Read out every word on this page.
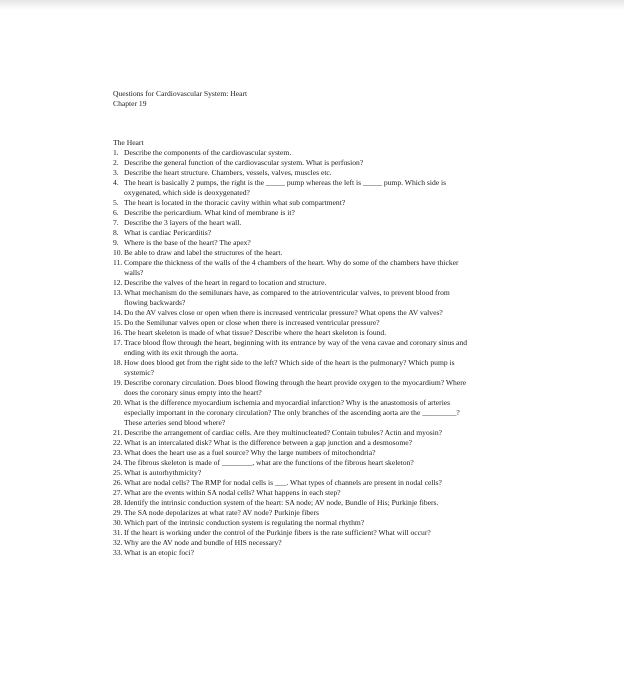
Questions for Cardiovascular System: Heart
Chapter 19
The Heart
1. Describe the components of the cardiovascular system.
2. Describe the general function of the cardiovascular system. What is perfusion?
3. Describe the heart structure. Chambers, vessels, valves, muscles etc.
4. The heart is basically 2 pumps, the right is the _____ pump whereas the left is _____ pump. Which side is oxygenated, which side is deoxygenated?
5. The heart is located in the thoracic cavity within what sub compartment?
6. Describe the pericardium. What kind of membrane is it?
7. Describe the 3 layers of the heart wall.
8. What is cardiac Pericarditis?
9. Where is the base of the heart? The apex?
10. Be able to draw and label the structures of the heart.
11. Compare the thickness of the walls of the 4 chambers of the heart. Why do some of the chambers have thicker walls?
12. Describe the valves of the heart in regard to location and structure.
13. What mechanism do the semilunars have, as compared to the atrioventricular valves, to prevent blood from flowing backwards?
14. Do the AV valves close or open when there is increased ventricular pressure? What opens the AV valves?
15. Do the Semilunar valves open or close when there is increased ventricular pressure?
16. The heart skeleton is made of what tissue? Describe where the heart skeleton is found.
17. Trace blood flow through the heart, beginning with its entrance by way of the vena cavae and coronary sinus and ending with its exit through the aorta.
18. How does blood get from the right side to the left? Which side of the heart is the pulmonary? Which pump is systemic?
19. Describe coronary circulation. Does blood flowing through the heart provide oxygen to the myocardium? Where does the coronary sinus empty into the heart?
20. What is the difference myocardium ischemia and myocardial infarction? Why is the anastomosis of arteries especially important in the coronary circulation? The only branches of the ascending aorta are the _________? These arteries send blood where?
21. Describe the arrangement of cardiac cells. Are they multinucleated? Contain tubules? Actin and myosin?
22. What is an intercalated disk? What is the difference between a gap junction and a desmosome?
23. What does the heart use as a fuel source? Why the large numbers of mitochondria?
24. The fibrous skeleton is made of ________, what are the functions of the fibrous heart skeleton?
25. What is autorhythmicity?
26. What are nodal cells? The RMP for nodal cells is ___. What types of channels are present in nodal cells?
27. What are the events within SA nodal cells? What happens in each step?
28. Identify the intrinsic conduction system of the heart: SA node; AV node, Bundle of His; Purkinje fibers.
29. The SA node depolarizes at what rate? AV node? Purkinje fibers
30. Which part of the intrinsic conduction system is regulating the normal rhythm?
31. If the heart is working under the control of the Purkinje fibers is the rate sufficient? What will occur?
32. Why are the AV node and bundle of HIS necessary?
33. What is an etopic foci?
